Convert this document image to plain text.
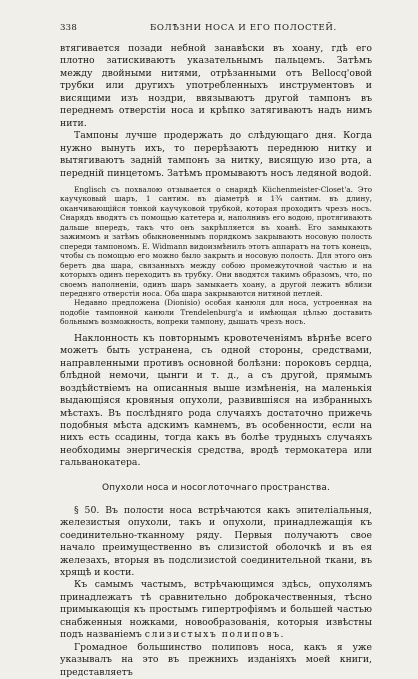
338	БОЛѢЗНИ НОСА И ЕГО ПОЛОСТЕЙ.

втягивается позади небной занавѣски въ хоану, гдѣ его плотно затискиваютъ указательнымъ пальцемъ. Затѣмъ между двойными нитями, отрѣзанными отъ Bellocq'овой трубки или другихъ употребленныхъ инструментовъ и висящими изъ ноздри, ввязываютъ другой тампонъ въ переднемъ отверстіи носа и крѣпко затягиваютъ надъ нимъ нити.

Тампоны лучше продержать до слѣдующаго дня. Когда нужно вынуть ихъ, то перерѣзаютъ переднюю нитку и вытягиваютъ задній тампонъ за нитку, висящую изо рта, а передній пинцетомъ. Затѣмъ промываютъ носъ ледяной водой.

Englisch съ похвалою отзывается о снарядѣ Küchenmeister-Closet'a. Это каучуковый шаръ, 1 сантим. въ діаметрѣ и 1¾ сантим. въ длину, оканчивающійся тонкой каучуковой трубкой, которая проходитъ чрезъ носъ. Снарядъ вводятъ съ помощью катетера и, наполнивъ его водою, протягиваютъ дальше впередъ, такъ что онъ закрѣпляется въ хоанѣ. Его замыкаютъ зажимомъ и затѣмъ обыкновеннымъ порядкомъ закрываютъ носовую полость спереди тампономъ. E. Widmann видоизмѣнилъ этотъ аппаратъ на тотъ конецъ, чтобы съ помощью его можно было закрыть и носовую полость. Для этого онъ беретъ два шара, связанныхъ между собою промежуточной частью и на которыхъ одинъ переходитъ въ трубку. Они вводятся такимъ образомъ, что, по своемъ наполненіи, одинъ шаръ замыкаетъ хоану, а другой лежитъ вблизи передняго отверстія носа. Оба шара закрываются нитяной петлей.

Недавно предложена (Dionisio) особая канюля для носа, устроенная на подобіе тампонной канюли Trendelenburg'а и имѣющая цѣлью доставить больнымъ возможность, вопреки тампону, дышать чрезъ носъ.

Наклонность къ повторнымъ кровотеченіямъ вѣрнѣе всего можетъ быть устранена, съ одной стороны, средствами, направленными противъ основной болѣзни: пороковъ сердца, блѣдной немочи, цынги и т. д., а съ другой, прямымъ воздѣйствіемъ на описанныя выше измѣненія, на маленькія выдающіяся кровяныя опухоли, развившіяся на избранныхъ мѣстахъ. Въ послѣдняго рода случаяхъ достаточно прижечь подобныя мѣста адскимъ камнемъ, въ особенности, если на нихъ есть ссадины, тогда какъ въ болѣе трудныхъ случаяхъ необходимы энергическія средства, вродѣ термокатера или гальванокатера.

Опухоли носа и носоглоточнаго пространства.

§ 50. Въ полости носа встрѣчаются какъ эпителіальныя, железистыя опухоли, такъ и опухоли, принадлежащія къ соединительно-тканному ряду. Первыя получаютъ свое начало преимущественно въ слизистой оболочкѣ и въ ея железахъ, вторыя въ подслизистой соединительной ткани, въ хрящѣ и кости.

Къ самымъ частымъ, встрѣчающимся здѣсь, опухолямъ принадлежатъ тѣ сравнительно доброкачественныя, тѣсно примыкающія къ простымъ гипертрофіямъ и большей частью снабженныя ножками, новообразованія, которыя извѣстны подъ названіемъ слизистыхъ полиповъ.

Громадное большинство полиповъ носа, какъ я уже указывалъ на это въ прежнихъ изданіяхъ моей книги, представляетъ
